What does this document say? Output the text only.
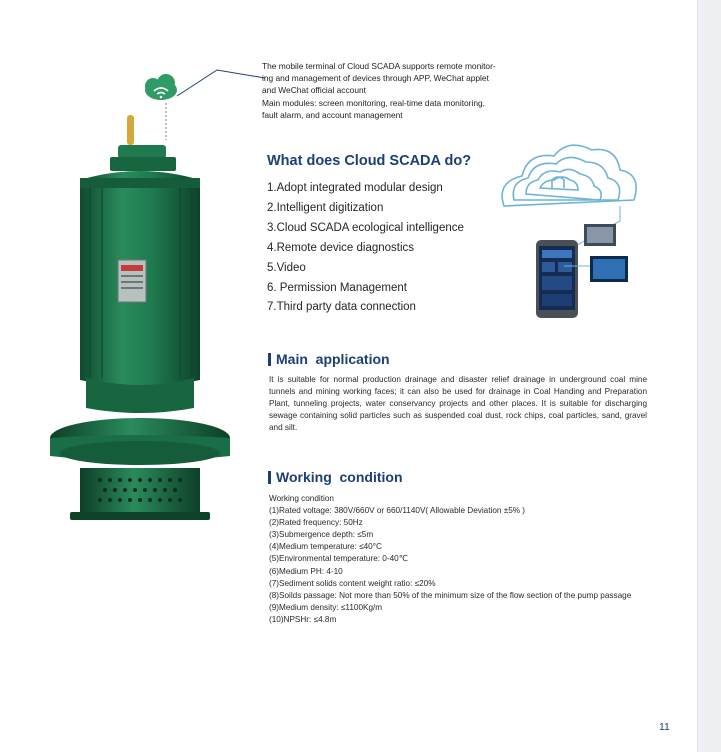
The mobile terminal of Cloud SCADA supports remote monitor-

ing and management of devices through APP, WeChat applet

and WeChat official account

Main modules: screen monitoring, real-time data monitoring,

fault alarm, and account management

What does Cloud SCADA do?
1.Adopt integrated modular design
2.Intelligent digitization
3.Cloud SCADA ecological intelligence
4.Remote device diagnostics
5.Video
6. Permission Management
7.Third party data connection
Main  application
It is suitable for normal production drainage and disaster relief drainage in underground coal mine tunnels and mining working faces; it can also be used for drainage in Coal Handing and Preparation Plant, tunneling projects, water conservancy projects and other places. It is suitable for discharging sewage containing solid particles such as suspended coal dust, rock chips, coal particles, sand, gravel and silt.
Working  condition
Working condition
(1)Rated voltage: 380V/660V or 660/1140V( Allowable Deviation ±5% )
(2)Rated frequency: 50Hz
(3)Submergence depth: ≤5m
(4)Medium temperature: ≤40°C
(5)Environmental temperature: 0-40℃
(6)Medium PH: 4-10
(7)Sediment solids content weight ratio: ≤20%
(8)Soilds passage: Not more than 50% of the minimum size of the flow section of the pump passage
(9)Medium density: ≤1100Kg/m
(10)NPSHr: ≤4.8m
11
